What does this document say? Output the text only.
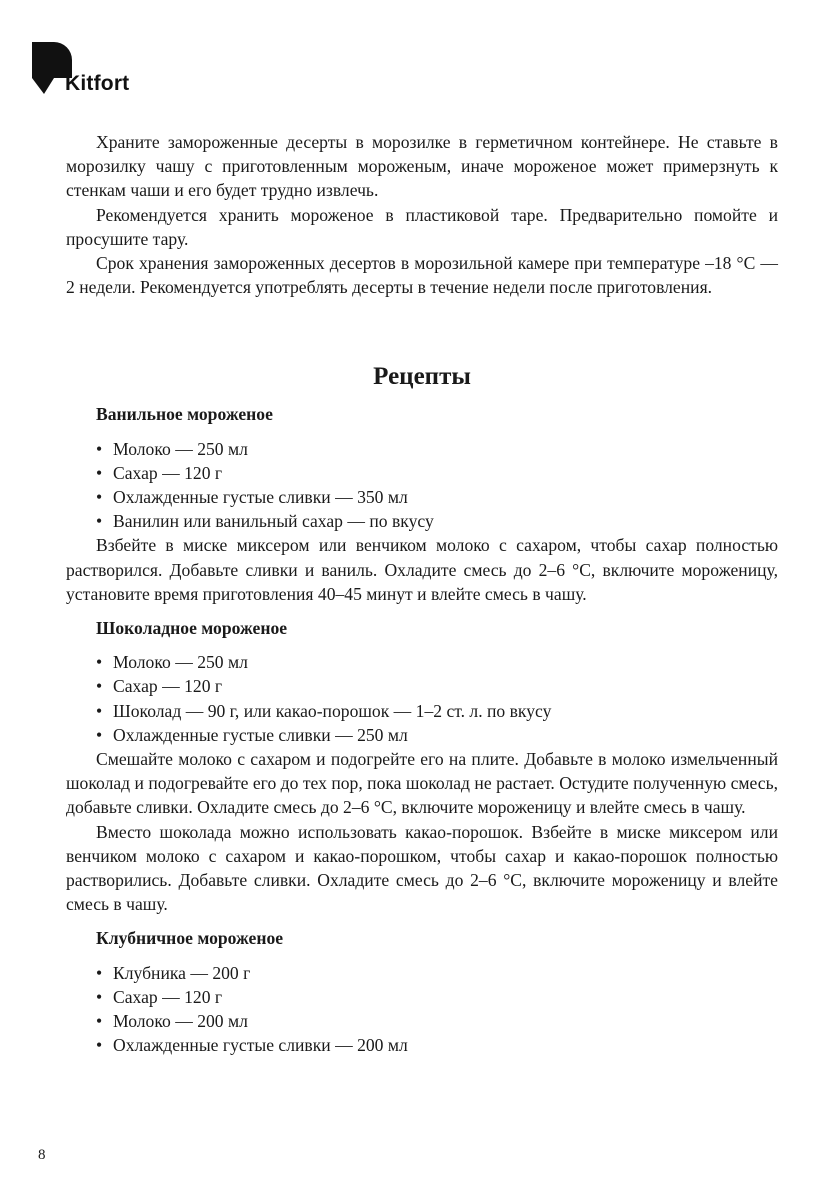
Kitfort

Храните замороженные десерты в морозилке в герметичном контейнере. Не ставьте в морозилку чашу с приготовленным мороженым, иначе мороженое может примерзнуть к стенкам чаши и его будет трудно извлечь.

Рекомендуется хранить мороженое в пластиковой таре. Предварительно помойте и просушите тару.

Срок хранения замороженных десертов в морозильной камере при температуре –18 °С — 2 недели. Рекомендуется употреблять десерты в течение недели после приготовления.

Рецепты
Ванильное мороженое
• Молоко — 250 мл
• Сахар — 120 г
• Охлажденные густые сливки — 350 мл
• Ванилин или ванильный сахар — по вкусу

Взбейте в миске миксером или венчиком молоко с сахаром, чтобы сахар полностью растворился. Добавьте сливки и ваниль. Охладите смесь до 2–6 °С, включите мороженицу, установите время приготовления 40–45 минут и влейте смесь в чашу.

Шоколадное мороженое
• Молоко — 250 мл
• Сахар — 120 г
• Шоколад — 90 г, или какао-порошок — 1–2 ст. л. по вкусу
• Охлажденные густые сливки — 250 мл

Смешайте молоко с сахаром и подогрейте его на плите. Добавьте в молоко измельченный шоколад и подогревайте его до тех пор, пока шоколад не растает. Остудите полученную смесь, добавьте сливки. Охладите смесь до 2–6 °С, включите мороженицу и влейте смесь в чашу.

Вместо шоколада можно использовать какао-порошок. Взбейте в миске миксером или венчиком молоко с сахаром и какао-порошком, чтобы сахар и какао-порошок полностью растворились. Добавьте сливки. Охладите смесь до 2–6 °С, включите мороженицу и влейте смесь в чашу.

Клубничное мороженое
• Клубника — 200 г
• Сахар — 120 г
• Молоко — 200 мл
• Охлажденные густые сливки — 200 мл
8
